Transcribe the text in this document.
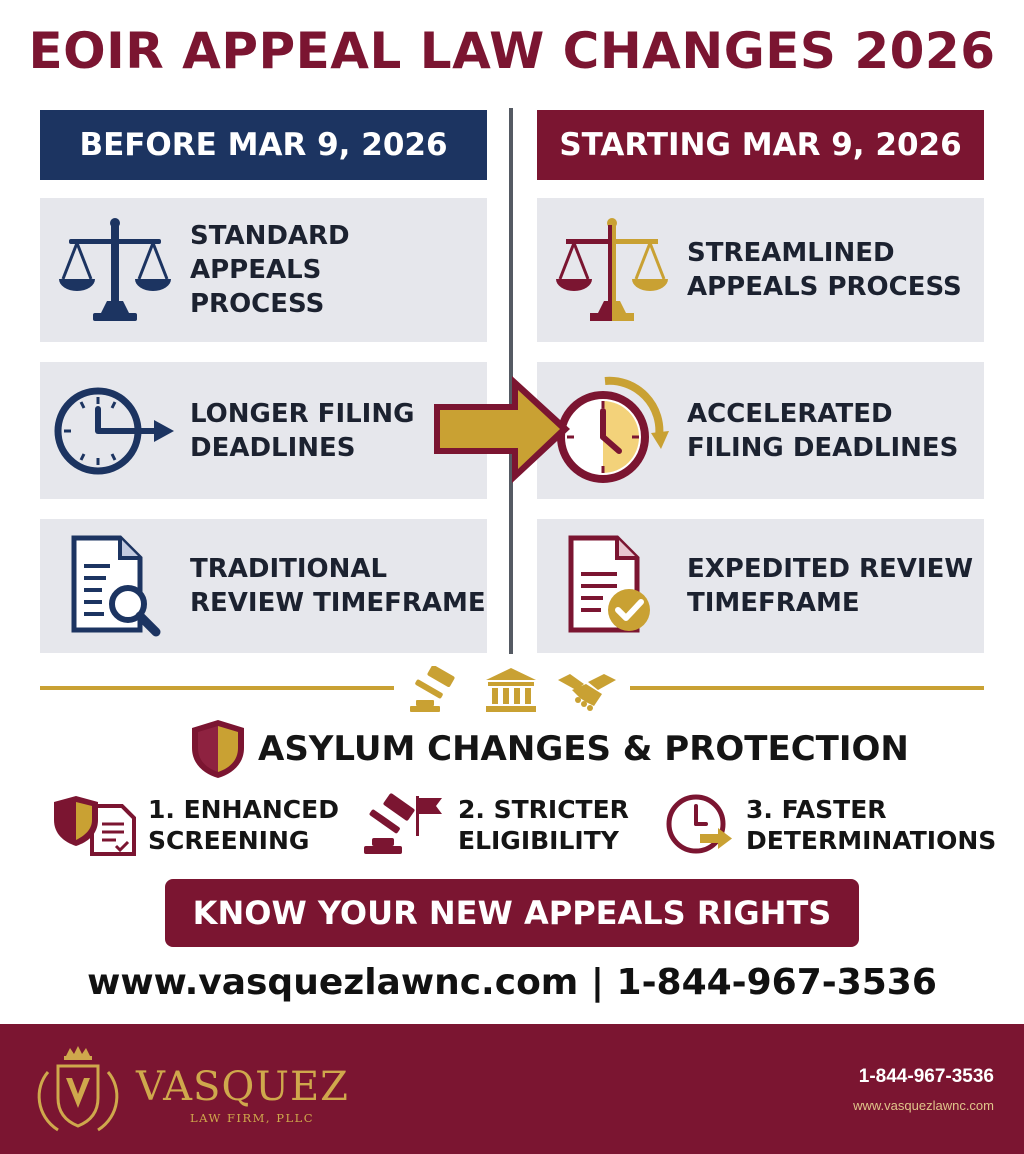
EOIR APPEAL LAW CHANGES 2026
BEFORE MAR 9, 2026	STARTING MAR 9, 2026
STANDARD APPEALS
PROCESS
LONGER FILING
DEADLINES
TRADITIONAL
REVIEW TIMEFRAME
STREAMLINED
APPEALS PROCESS
ACCELERATED
FILING DEADLINES
EXPEDITED REVIEW
TIMEFRAME
ASYLUM CHANGES & PROTECTION
1. ENHANCED
SCREENING
2. STRICTER
ELIGIBILITY
3. FASTER
DETERMINATIONS
KNOW YOUR NEW APPEALS RIGHTS
www.vasquezlawnc.com | 1-844-967-3536
VASQUEZ
LAW FIRM, PLLC
1-844-967-3536
www.vasquezlawnc.com
